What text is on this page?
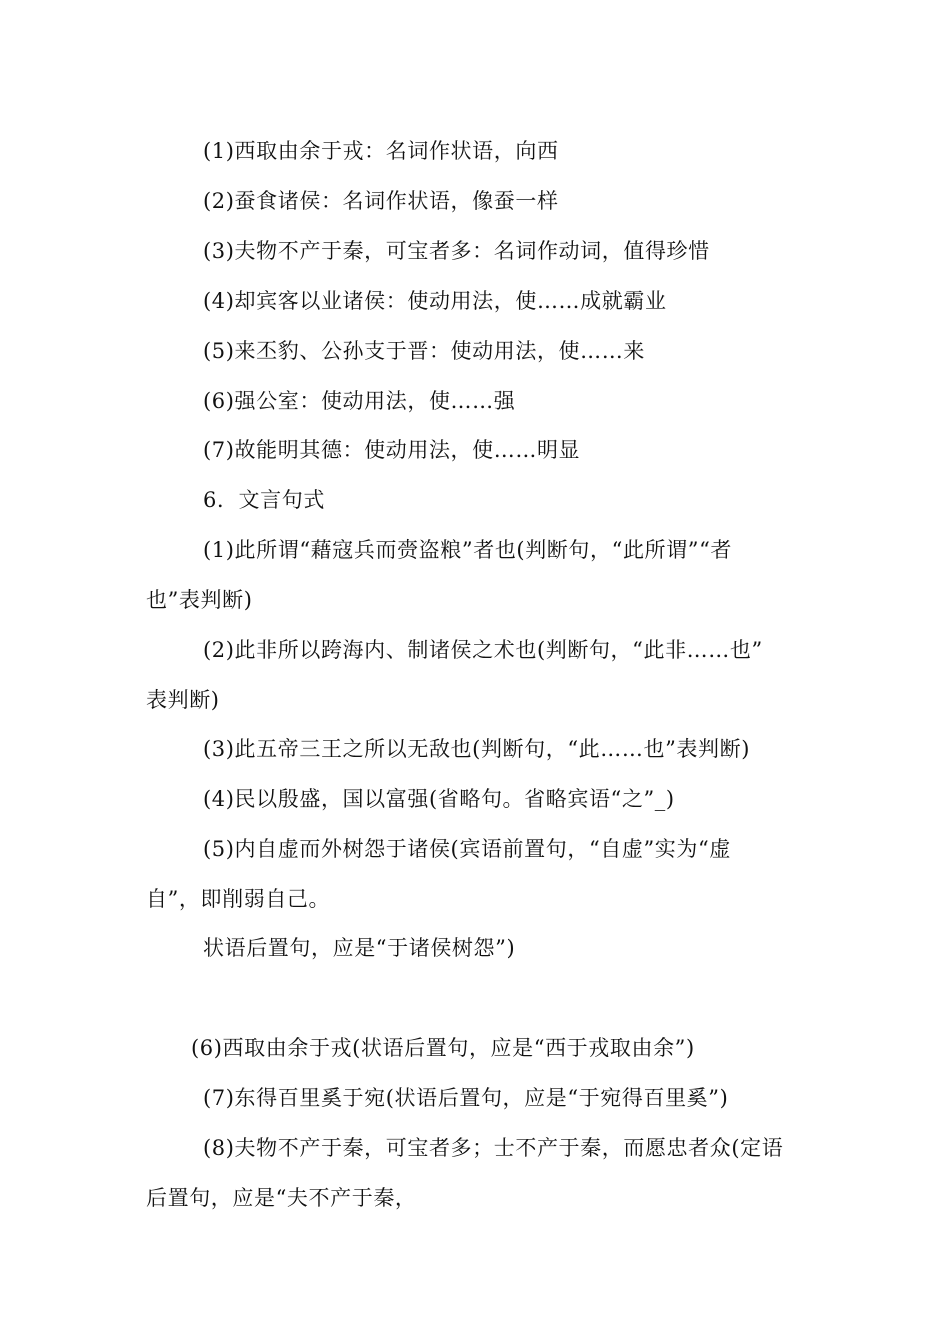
(1)西取由余于戎：名词作状语，向西
(2)蚕食诸侯：名词作状语，像蚕一样
(3)夫物不产于秦，可宝者多：名词作动词，值得珍惜
(4)却宾客以业诸侯：使动用法，使……成就霸业
(5)来丕豹、公孙支于晋：使动用法，使……来
(6)强公室：使动用法，使……强
(7)故能明其德：使动用法，使……明显
6．文言句式
(1)此所谓“藉寇兵而赍盗粮”者也(判断句，“此所谓”“者
也”表判断)
(2)此非所以跨海内、制诸侯之术也(判断句，“此非……也”
表判断)
(3)此五帝三王之所以无敌也(判断句，“此……也”表判断)
(4)民以殷盛，国以富强(省略句。省略宾语“之”_)
(5)内自虚而外树怨于诸侯(宾语前置句，“自虚”实为“虚
自”，即削弱自己。
状语后置句，应是“于诸侯树怨”)
(6)西取由余于戎(状语后置句，应是“西于戎取由余”)
(7)东得百里奚于宛(状语后置句，应是“于宛得百里奚”)
(8)夫物不产于秦，可宝者多；士不产于秦，而愿忠者众(定语
后置句，应是“夫不产于秦，
